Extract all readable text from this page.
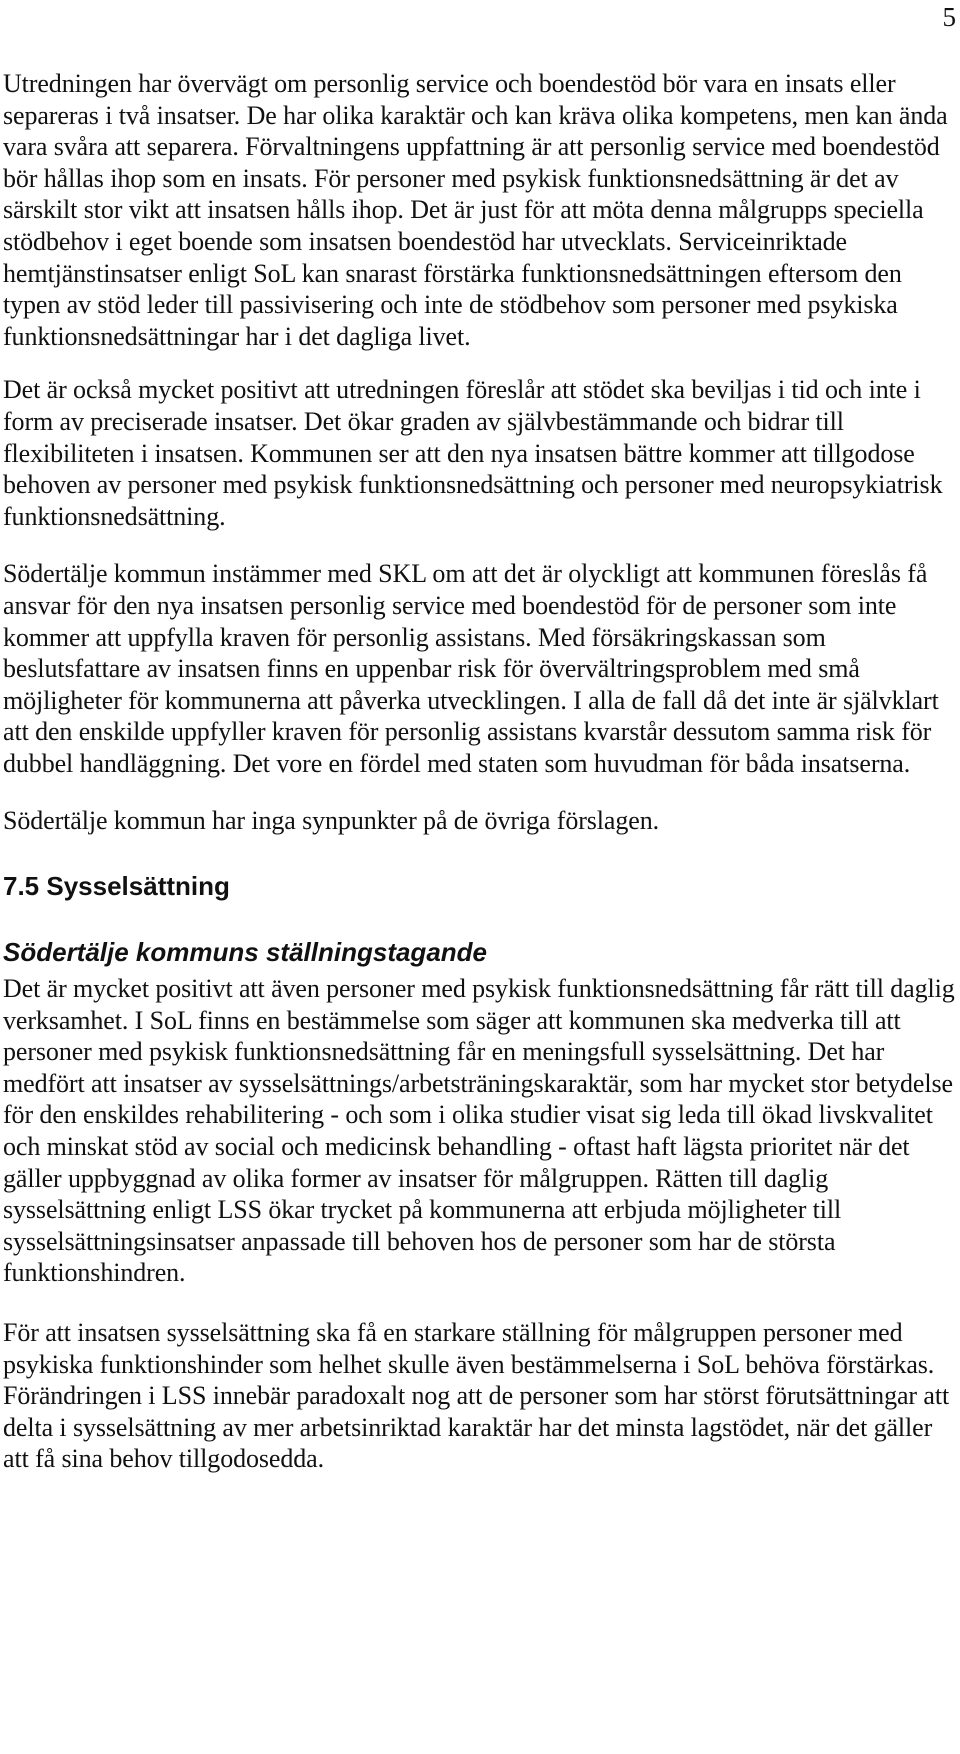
5

Utredningen har övervägt om personlig service och boendestöd bör vara en insats eller separeras i två insatser. De har olika karaktär och kan kräva olika kompetens, men kan ända vara svåra att separera. Förvaltningens uppfattning är att personlig service med boendestöd bör hållas ihop som en insats. För personer med psykisk funktionsnedsättning är det av särskilt stor vikt att insatsen hålls ihop. Det är just för att möta denna målgrupps speciella stödbehov i eget boende som insatsen boendestöd har utvecklats. Serviceinriktade hemtjänstinsatser enligt SoL kan snarast förstärka funktionsnedsättningen eftersom den typen av stöd leder till passivisering och inte de stödbehov som personer med psykiska funktionsnedsättningar har i det dagliga livet.

Det är också mycket positivt att utredningen föreslår att stödet ska beviljas i tid och inte i form av preciserade insatser. Det ökar graden av självbestämmande och bidrar till flexibiliteten i insatsen. Kommunen ser att den nya insatsen bättre kommer att tillgodose behoven av personer med psykisk funktionsnedsättning och personer med neuropsykiatrisk funktionsnedsättning.

Södertälje kommun instämmer med SKL om att det är olyckligt att kommunen föreslås få ansvar för den nya insatsen personlig service med boendestöd för de personer som inte kommer att uppfylla kraven för personlig assistans. Med försäkringskassan som beslutsfattare av insatsen finns en uppenbar risk för övervältringsproblem med små möjligheter för kommunerna att påverka utvecklingen. I alla de fall då det inte är självklart att den enskilde uppfyller kraven för personlig assistans kvarstår dessutom samma risk för dubbel handläggning. Det vore en fördel med staten som huvudman för båda insatserna.

Södertälje kommun har inga synpunkter på de övriga förslagen.

7.5 Sysselsättning
Södertälje kommuns ställningstagande

Det är mycket positivt att även personer med psykisk funktionsnedsättning får rätt till daglig verksamhet. I SoL finns en bestämmelse som säger att kommunen ska medverka till att personer med psykisk funktionsnedsättning får en meningsfull sysselsättning. Det har medfört att insatser av sysselsättnings/arbetsträningskaraktär, som har mycket stor betydelse för den enskildes rehabilitering - och som i olika studier visat sig leda till ökad livskvalitet och minskat stöd av social och medicinsk behandling - oftast haft lägsta prioritet när det gäller uppbyggnad av olika former av insatser för målgruppen. Rätten till daglig sysselsättning enligt LSS ökar trycket på kommunerna att erbjuda möjligheter till sysselsättningsinsatser anpassade till behoven hos de personer som har de största funktionshindren.

För att insatsen sysselsättning ska få en starkare ställning för målgruppen personer med psykiska funktionshinder som helhet skulle även bestämmelserna i SoL behöva förstärkas. Förändringen i LSS innebär paradoxalt nog att de personer som har störst förutsättningar att delta i sysselsättning av mer arbetsinriktad karaktär har det minsta lagstödet, när det gäller att få sina behov tillgodosedda.
